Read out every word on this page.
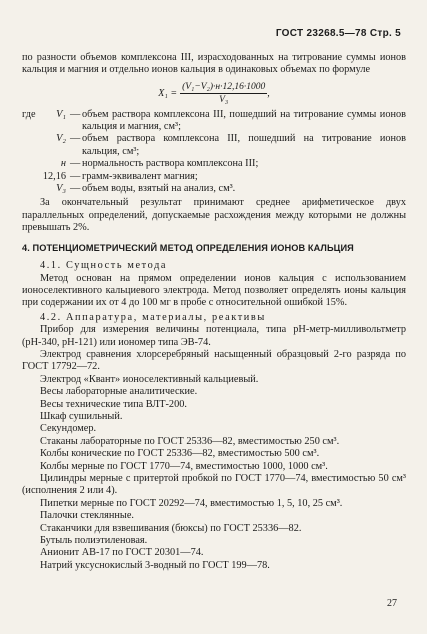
ГОСТ 23268.5—78 Стр. 5

по разности объемов комплексона III, израсходованных на титрование суммы ионов кальция и магния и отдельно ионов кальция в одинаковых объемах по формуле

$X_1 = \frac{\text{(V₁−V₂)·н·12,16·1000}}{\text{V₃}}$ ,
где	V₁ — объем раствора комплексона III, пошедший на титрование суммы ионов кальция и магния, см³;
V₂ — объем раствора комплексона III, пошедший на титрование ионов кальция, см³;
н — нормальность раствора комплексона III;
12,16 — грамм-эквивалент магния;
V₃ — объем воды, взятый на анализ, см³.

За окончательный результат принимают среднее арифметическое двух параллельных определений, допускаемые расхождения между которыми не должны превышать 2%.

4. ПОТЕНЦИОМЕТРИЧЕСКИЙ МЕТОД ОПРЕДЕЛЕНИЯ ИОНОВ КАЛЬЦИЯ

4.1. Сущность метода

Метод основан на прямом определении ионов кальция с использованием ионоселективного кальциевого электрода. Метод позволяет определять ионы кальция при содержании их от 4 до 100 мг в пробе с относительной ошибкой 15%.

4.2. Аппаратура, материалы, реактивы

Прибор для измерения величины потенциала, типа рН-метр-милливольтметр (рН-340, рН-121) или иономер типа ЭВ-74.

Электрод сравнения хлорсеребряный насыщенный образцовый 2-го разряда по ГОСТ 17792—72.

Электрод «Квант» ионоселективный кальциевый.

Весы лабораторные аналитические.

Весы технические типа ВЛТ-200.

Шкаф сушильный.

Секундомер.

Стаканы лабораторные по ГОСТ 25336—82, вместимостью 250 см³.

Колбы конические по ГОСТ 25336—82, вместимостью 500 см³.

Колбы мерные по ГОСТ 1770—74, вместимостью 1000, 1000 см³.

Цилиндры мерные с притертой пробкой по ГОСТ 1770—74, вместимостью 50 см³ (исполнения 2 или 4).

Пипетки мерные по ГОСТ 20292—74, вместимостью 1, 5, 10, 25 см³.

Палочки стеклянные.

Стаканчики для взвешивания (бюксы) по ГОСТ 25336—82.

Бутыль полиэтиленовая.

Анионит АВ-17 по ГОСТ 20301—74.

Натрий уксуснокислый 3-водный по ГОСТ 199—78.

27
